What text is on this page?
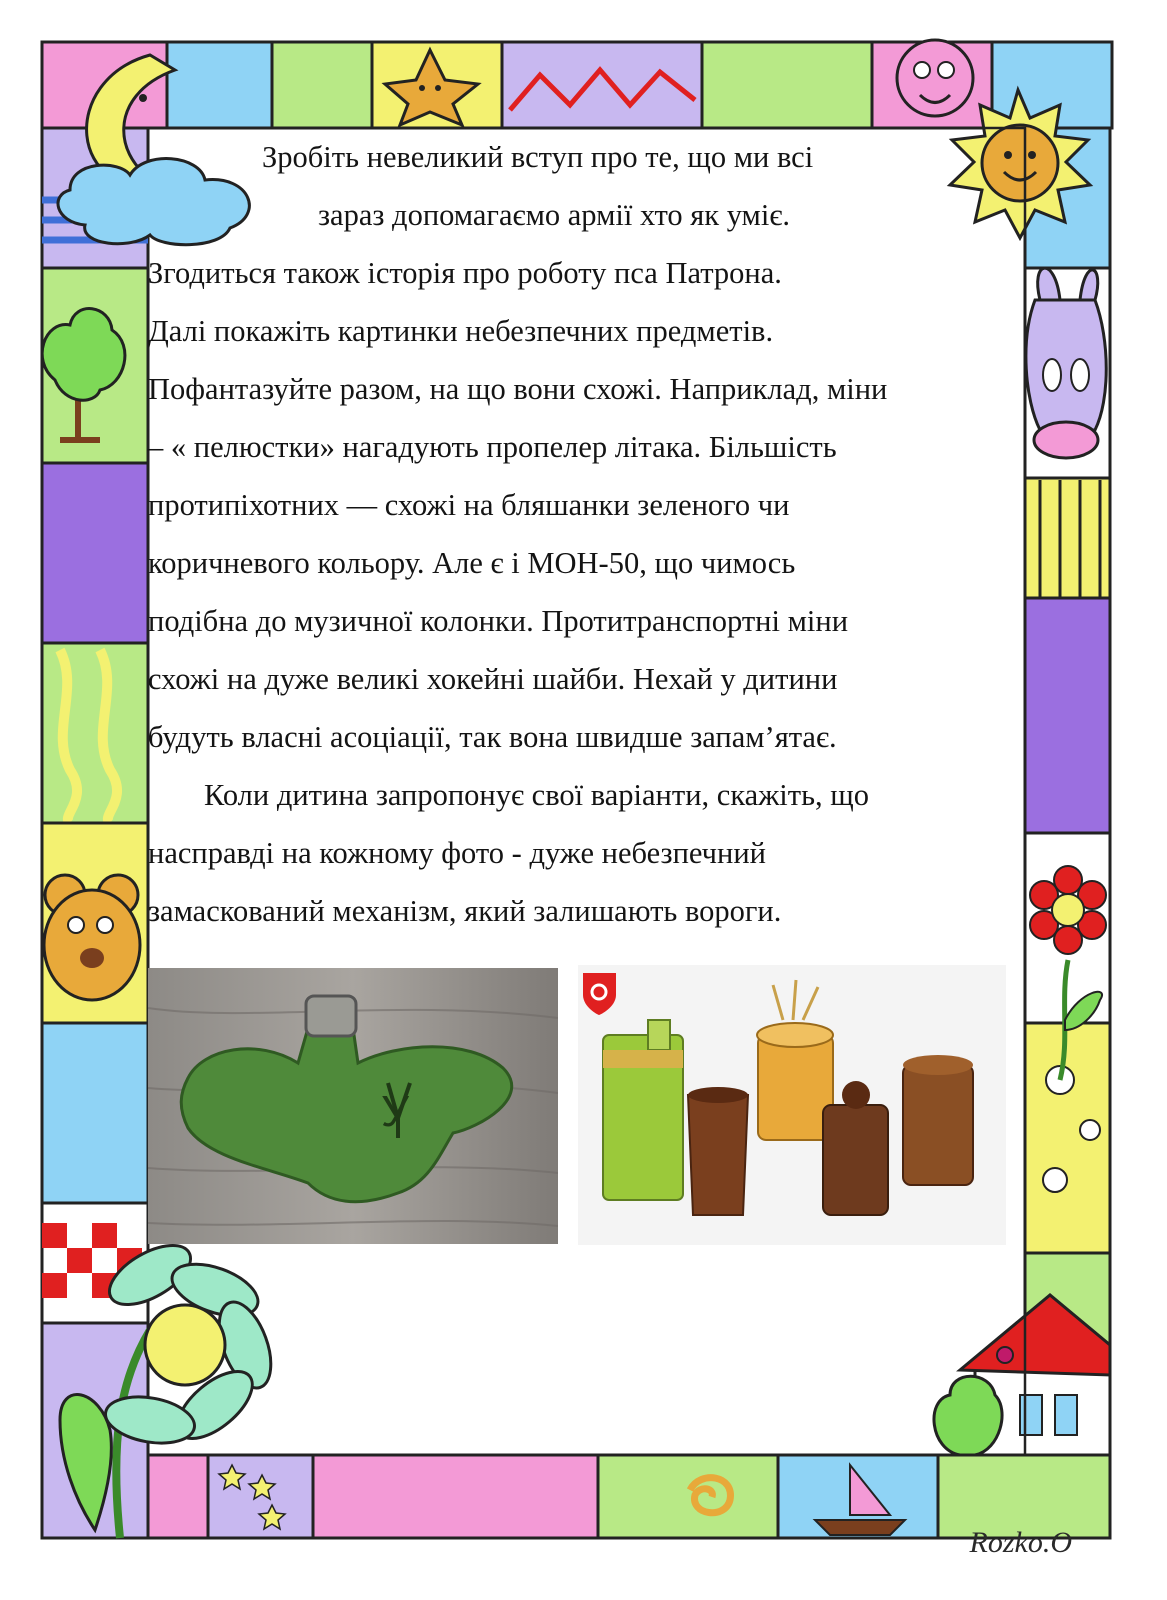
Зробіть невеликий вступ про те, що ми всі
зараз допомагаємо армії хто як уміє.
Згодиться також історія про роботу пса Патрона.
Далі покажіть картинки небезпечних предметів.
Пофантазуйте разом, на що вони схожі. Наприклад, міни
– « пелюстки» нагадують пропелер літака. Більшість
протипіхотних — схожі на бляшанки зеленого чи
коричневого кольору. Але є і МОН-50, що чимось
подібна до музичної колонки. Протитранспортні міни
схожі на дуже великі хокейні шайби. Нехай у дитини
будуть власні асоціації, так вона швидше запам’ятає.
Коли дитина запропонує свої варіанти, скажіть, що
насправді на кожному фото - дуже небезпечний
замаскований механізм, який залишають вороги.
У
Rozko.O
